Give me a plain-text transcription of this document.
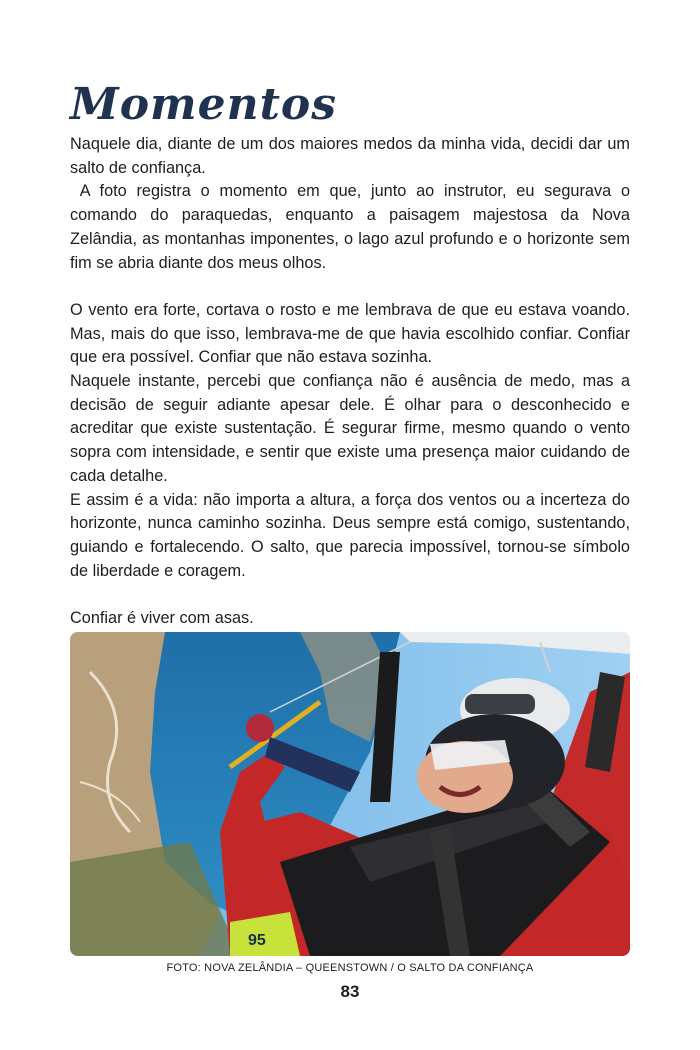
Momentos

Naquele dia, diante de um dos maiores medos da minha vida, decidi dar um salto de confiança.

A foto registra o momento em que, junto ao instrutor, eu segurava o comando do paraquedas, enquanto a paisagem majestosa da Nova Zelândia, as montanhas imponentes, o lago azul profundo e o horizonte sem fim se abria diante dos meus olhos.

O vento era forte, cortava o rosto e me lembrava de que eu estava voando. Mas, mais do que isso, lembrava-me de que havia escolhido confiar. Confiar que era possível. Confiar que não estava sozinha.

Naquele instante, percebi que confiança não é ausência de medo, mas a decisão de seguir adiante apesar dele. É olhar para o desconhecido e acreditar que existe sustentação. É segurar firme, mesmo quando o vento sopra com intensidade, e sentir que existe uma presença maior cuidando de cada detalhe.

E assim é a vida: não importa a altura, a força dos ventos ou a incerteza do horizonte, nunca caminho sozinha. Deus sempre está comigo, sustentando, guiando e fortalecendo. O salto, que parecia impossível, tornou-se símbolo de liberdade e coragem.

Confiar é viver com asas.

95
FOTO: NOVA ZELÂNDIA – QUEENSTOWN / O SALTO DA CONFIANÇA
83
